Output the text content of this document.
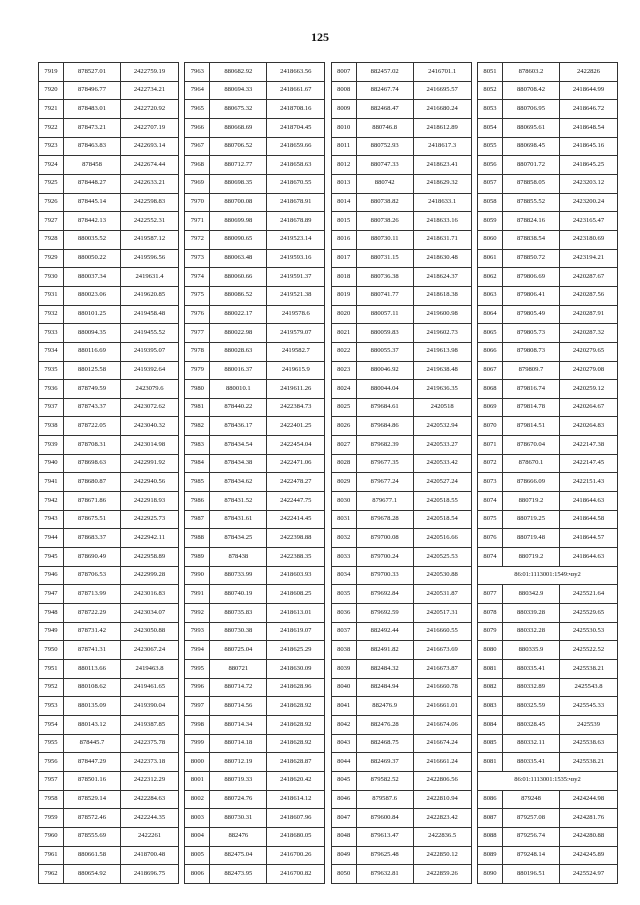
125
7919	878527.01	2422759.19
7920	878496.77	2422734.21
7921	878483.01	2422720.92
7922	878473.21	2422707.19
7923	878463.83	2422693.14
7924	878458	2422674.44
7925	878448.27	2422633.21
7926	878445.14	2422598.83
7927	878442.13	2422552.31
7928	880035.52	2419587.12
7929	880050.22	2419596.56
7930	880037.34	2419631.4
7931	880023.06	2419620.85
7932	880101.25	2419458.48
7933	880094.35	2419455.52
7934	880116.69	2419395.07
7935	880125.58	2419392.64
7936	878749.59	2423079.6
7937	878743.37	2423072.62
7938	878722.05	2423040.32
7939	878708.31	2423014.98
7940	878698.63	2422991.92
7941	878680.87	2422940.56
7942	878671.86	2422918.93
7943	878675.51	2422925.73
7944	878683.37	2422942.11
7945	878690.49	2422958.89
7946	878706.53	2422999.28
7947	878713.99	2423016.83
7948	878722.29	2423034.07
7949	878731.42	2423050.88
7950	878741.31	2423067.24
7951	880113.66	2419463.8
7952	880108.62	2419461.65
7953	880135.09	2419390.04
7954	880143.12	2419387.85
7955	878445.7	2422375.78
7956	878447.29	2422373.18
7957	878501.16	2422312.29
7958	878529.14	2422284.63
7959	878572.46	2422244.35
7960	878555.69	2422261
7961	880661.58	2418700.48
7962	880654.92	2418696.75
7963	880682.92	2418663.56
7964	880694.33	2418661.67
7965	880675.32	2418708.16
7966	880668.69	2418704.45
7967	880706.52	2418659.66
7968	880712.77	2418658.63
7969	880698.35	2418670.55
7970	880700.08	2418678.91
7971	880699.98	2418678.89
7972	880090.65	2419523.14
7973	880063.48	2419593.16
7974	880060.66	2419591.37
7975	880086.52	2419521.38
7976	880022.17	2419578.6
7977	880022.98	2419579.07
7978	880028.63	2419582.7
7979	880016.37	2419615.9
7980	880010.1	2419611.26
7981	878440.22	2422384.73
7982	878436.17	2422401.25
7983	878434.54	2422454.04
7984	878434.38	2422471.06
7985	878434.62	2422478.27
7986	878431.52	2422447.75
7987	878431.61	2422414.45
7988	878434.25	2422398.88
7989	878438	2422388.35
7990	880733.99	2418603.93
7991	880740.19	2418608.25
7992	880735.83	2418613.01
7993	880730.38	2418619.07
7994	880725.04	2418625.29
7995	880721	2418630.09
7996	880714.72	2418628.96
7997	880714.56	2418628.92
7998	880714.34	2418628.92
7999	880714.18	2418628.92
8000	880712.19	2418628.87
8001	880719.33	2418620.42
8002	880724.76	2418614.12
8003	880730.31	2418607.96
8004	882476	2418680.05
8005	882475.04	2416700.26
8006	882473.95	2416700.82
8007	882457.02	2416701.1
8008	882467.74	2416695.57
8009	882468.47	2416680.24
8010	880746.8	2418612.89
8011	880752.93	2418617.3
8012	880747.33	2418623.41
8013	880742	2418629.32
8014	880738.82	2418633.1
8015	880738.26	2418633.16
8016	880730.11	2418631.71
8017	880731.15	2418630.48
8018	880736.38	2418624.37
8019	880741.77	2418618.38
8020	880057.11	2419600.98
8021	880059.83	2419602.73
8022	880055.37	2419613.98
8023	880046.92	2419638.48
8024	880044.04	2419636.35
8025	879684.61	2420518
8026	879684.86	2420532.94
8027	879682.39	2420533.27
8028	879677.35	2420533.42
8029	879677.24	2420527.24
8030	879677.1	2420518.55
8031	879678.28	2420518.54
8032	879700.08	2420516.66
8033	879700.24	2420525.53
8034	879700.33	2420530.88
8035	879692.84	2420531.87
8036	879692.59	2420517.31
8037	882492.44	2416660.55
8038	882491.82	2416673.69
8039	882484.32	2416673.87
8040	882484.94	2416660.78
8041	882476.9	2416661.01
8042	882476.28	2416674.06
8043	882468.75	2416674.24
8044	882469.37	2416661.24
8045	879582.52	2422806.56
8046	879587.6	2422810.94
8047	879600.84	2422823.42
8048	879613.47	2422836.5
8049	879625.48	2422850.12
8050	879632.81	2422859.26
8051	878603.2	2422826
8052	880708.42	2418644.99
8053	880706.95	2418646.72
8054	880695.61	2418648.54
8055	880698.45	2418645.16
8056	880701.72	2418645.25
8057	878858.05	2423203.12
8058	878855.52	2423200.24
8059	878824.16	2423165.47
8060	878838.54	2423180.69
8061	878850.72	2423194.21
8062	879806.69	2420287.67
8063	879806.41	2420287.56
8064	879805.49	2420287.91
8065	879805.73	2420287.32
8066	879808.73	2420279.65
8067	879809.7	2420279.08
8068	879816.74	2420259.12
8069	879814.78	2420264.67
8070	879814.51	2420264.83
8071	878670.04	2422147.38
8072	878670.1	2422147.45
8073	878666.09	2422151.43
8074	880719.2	2418644.63
8075	880719.25	2418644.58
8076	880719.48	2418644.57
8074	880719.2	2418644.63
86:01:1113001:1549:чзу2		
8077	880342.9	2425521.64
8078	880339.28	2425529.65
8079	880332.28	2425530.53
8080	880335.9	2425522.52
8081	880335.41	2425538.21
8082	880332.89	2425543.8
8083	880325.59	2425545.33
8084	880328.45	2425539
8085	880332.11	2425538.63
8081	880335.41	2425538.21
86:01:1113001:1535:чзу2		
8086	879248	2424244.98
8087	879257.08	2424281.76
8088	879256.74	2424280.88
8089	879248.14	2424245.89
8090	880196.51	2425524.97
